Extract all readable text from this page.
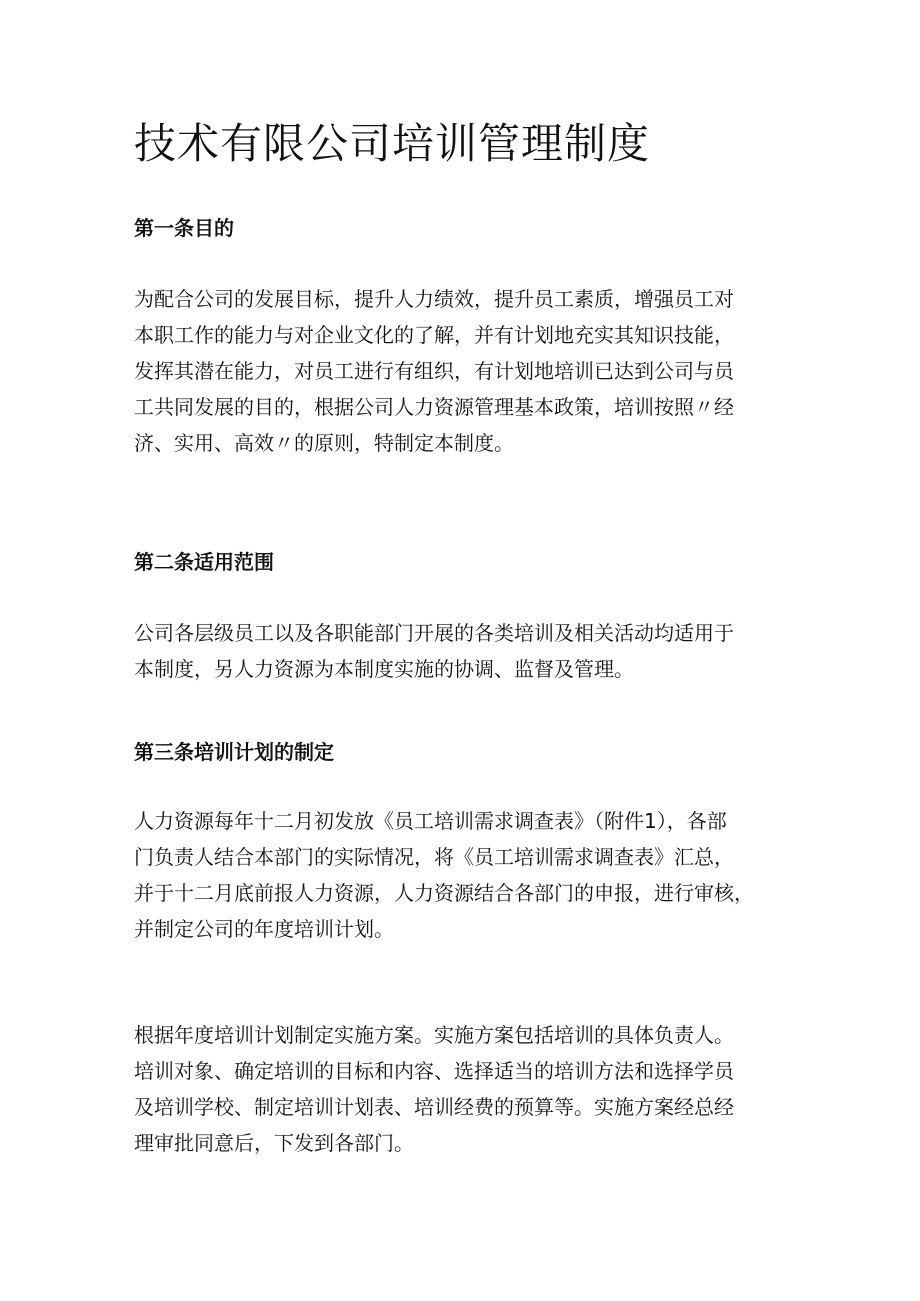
技术有限公司培训管理制度
第一条目的
为配合公司的发展目标，提升人力绩效，提升员工素质，增强员工对
本职工作的能力与对企业文化的了解，并有计划地充实其知识技能，
发挥其潜在能力，对员工进行有组织，有计划地培训已达到公司与员
工共同发展的目的，根据公司人力资源管理基本政策，培训按照〃经
济、实用、高效〃的原则，特制定本制度。
第二条适用范围
公司各层级员工以及各职能部门开展的各类培训及相关活动均适用于
本制度，另人力资源为本制度实施的协调、监督及管理。
第三条培训计划的制定
人力资源每年十二月初发放《员工培训需求调查表》（附件1），各部
门负责人结合本部门的实际情况，将《员工培训需求调查表》汇总，
并于十二月底前报人力资源，人力资源结合各部门的申报，进行审核，
并制定公司的年度培训计划。
根据年度培训计划制定实施方案。实施方案包括培训的具体负责人。
培训对象、确定培训的目标和内容、选择适当的培训方法和选择学员
及培训学校、制定培训计划表、培训经费的预算等。实施方案经总经
理审批同意后，下发到各部门。
